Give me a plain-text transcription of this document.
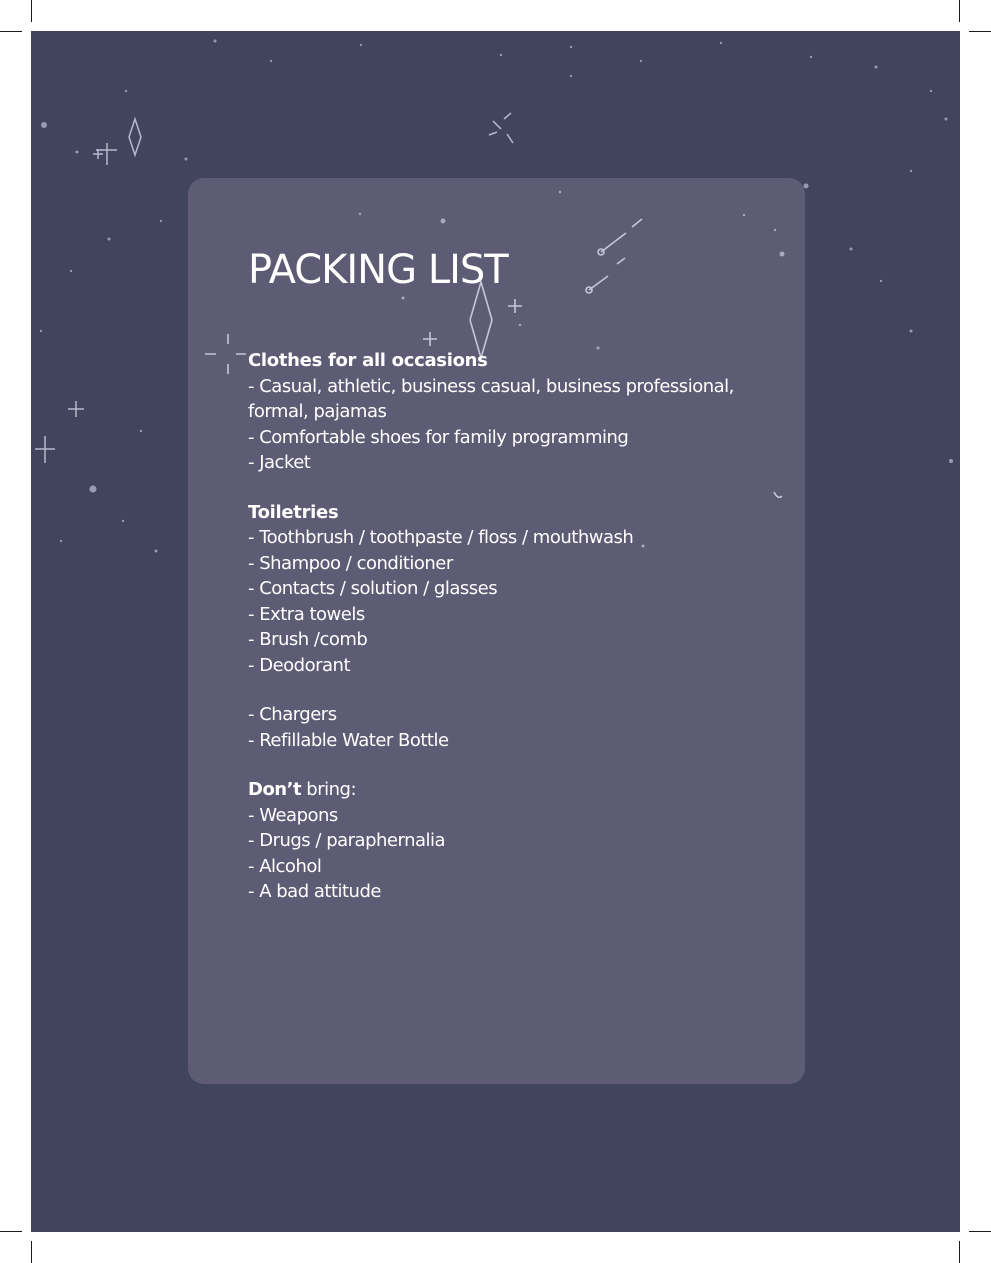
PACKING LIST
Clothes for all occasions
- Casual, athletic, business casual, business professional,
formal, pajamas
- Comfortable shoes for family programming
- Jacket
Toiletries
- Toothbrush / toothpaste / floss / mouthwash
- Shampoo / conditioner
- Contacts / solution / glasses
- Extra towels
- Brush /comb
- Deodorant
- Chargers
- Refillable Water Bottle
Don’t bring:
- Weapons
- Drugs / paraphernalia
- Alcohol
- A bad attitude
